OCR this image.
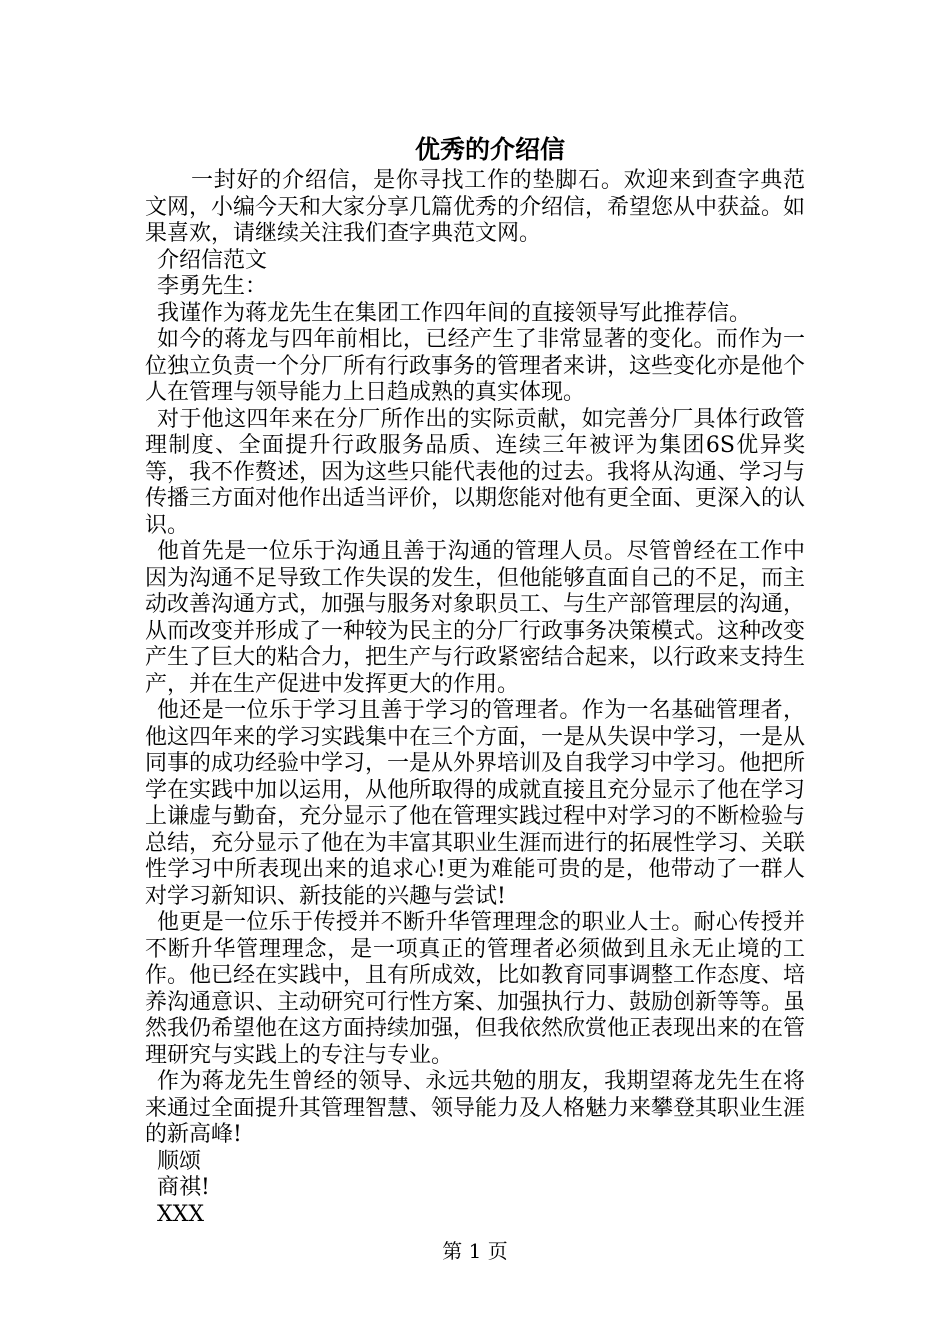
优秀的介绍信

一封好的介绍信，是你寻找工作的垫脚石。欢迎来到查字典范文网，小编今天和大家分享几篇优秀的介绍信，希望您从中获益。如果喜欢，请继续关注我们查字典范文网。

介绍信范文

李勇先生：

我谨作为蒋龙先生在集团工作四年间的直接领导写此推荐信。

如今的蒋龙与四年前相比，已经产生了非常显著的变化。而作为一位独立负责一个分厂所有行政事务的管理者来讲，这些变化亦是他个人在管理与领导能力上日趋成熟的真实体现。

对于他这四年来在分厂所作出的实际贡献，如完善分厂具体行政管理制度、全面提升行政服务品质、连续三年被评为集团6S优异奖等，我不作赘述，因为这些只能代表他的过去。我将从沟通、学习与传播三方面对他作出适当评价，以期您能对他有更全面、更深入的认识。

他首先是一位乐于沟通且善于沟通的管理人员。尽管曾经在工作中因为沟通不足导致工作失误的发生，但他能够直面自己的不足，而主动改善沟通方式，加强与服务对象职员工、与生产部管理层的沟通，从而改变并形成了一种较为民主的分厂行政事务决策模式。这种改变产生了巨大的粘合力，把生产与行政紧密结合起来，以行政来支持生产，并在生产促进中发挥更大的作用。

他还是一位乐于学习且善于学习的管理者。作为一名基础管理者，他这四年来的学习实践集中在三个方面，一是从失误中学习，一是从同事的成功经验中学习，一是从外界培训及自我学习中学习。他把所学在实践中加以运用，从他所取得的成就直接且充分显示了他在学习上谦虚与勤奋，充分显示了他在管理实践过程中对学习的不断检验与总结，充分显示了他在为丰富其职业生涯而进行的拓展性学习、关联性学习中所表现出来的追求心!更为难能可贵的是，他带动了一群人对学习新知识、新技能的兴趣与尝试!

他更是一位乐于传授并不断升华管理理念的职业人士。耐心传授并不断升华管理理念，是一项真正的管理者必须做到且永无止境的工作。他已经在实践中，且有所成效，比如教育同事调整工作态度、培养沟通意识、主动研究可行性方案、加强执行力、鼓励创新等等。虽然我仍希望他在这方面持续加强，但我依然欣赏他正表现出来的在管理研究与实践上的专注与专业。

作为蒋龙先生曾经的领导、永远共勉的朋友，我期望蒋龙先生在将来通过全面提升其管理智慧、领导能力及人格魅力来攀登其职业生涯的新高峰!

顺颂

商祺!

XXX

第 1 页
